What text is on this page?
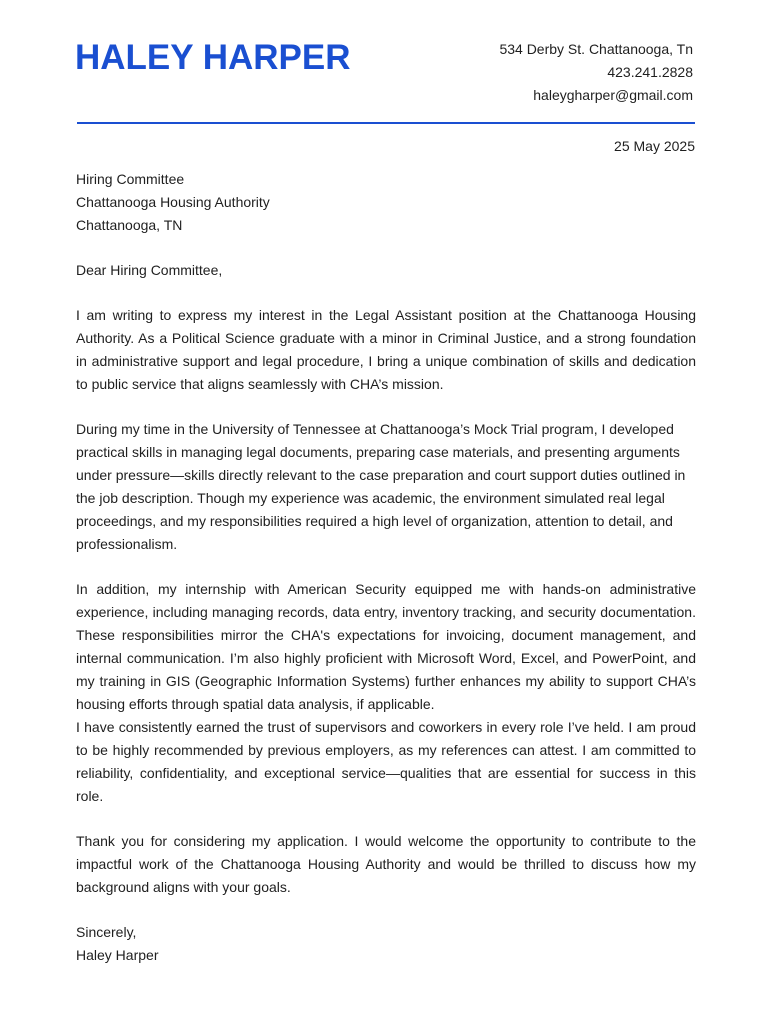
HALEY HARPER	534 Derby St. Chattanooga, Tn
423.241.2828
haleygharper@gmail.com
25 May 2025
Hiring Committee
Chattanooga Housing Authority
Chattanooga, TN

Dear Hiring Committee,

I am writing to express my interest in the Legal Assistant position at the Chattanooga Housing Authority. As a Political Science graduate with a minor in Criminal Justice, and a strong foundation in administrative support and legal procedure, I bring a unique combination of skills and dedication to public service that aligns seamlessly with CHA’s mission.

During my time in the University of Tennessee at Chattanooga’s Mock Trial program, I developed practical skills in managing legal documents, preparing case materials, and presenting arguments under pressure—skills directly relevant to the case preparation and court support duties outlined in the job description. Though my experience was academic, the environment simulated real legal proceedings, and my responsibilities required a high level of organization, attention to detail, and professionalism.

In addition, my internship with American Security equipped me with hands-on administrative experience, including managing records, data entry, inventory tracking, and security documentation. These responsibilities mirror the CHA's expectations for invoicing, document management, and internal communication. I’m also highly proficient with Microsoft Word, Excel, and PowerPoint, and my training in GIS (Geographic Information Systems) further enhances my ability to support CHA’s housing efforts through spatial data analysis, if applicable.

I have consistently earned the trust of supervisors and coworkers in every role I’ve held. I am proud to be highly recommended by previous employers, as my references can attest. I am committed to reliability, confidentiality, and exceptional service—qualities that are essential for success in this role.

Thank you for considering my application. I would welcome the opportunity to contribute to the impactful work of the Chattanooga Housing Authority and would be thrilled to discuss how my background aligns with your goals.

Sincerely,

Haley Harper
